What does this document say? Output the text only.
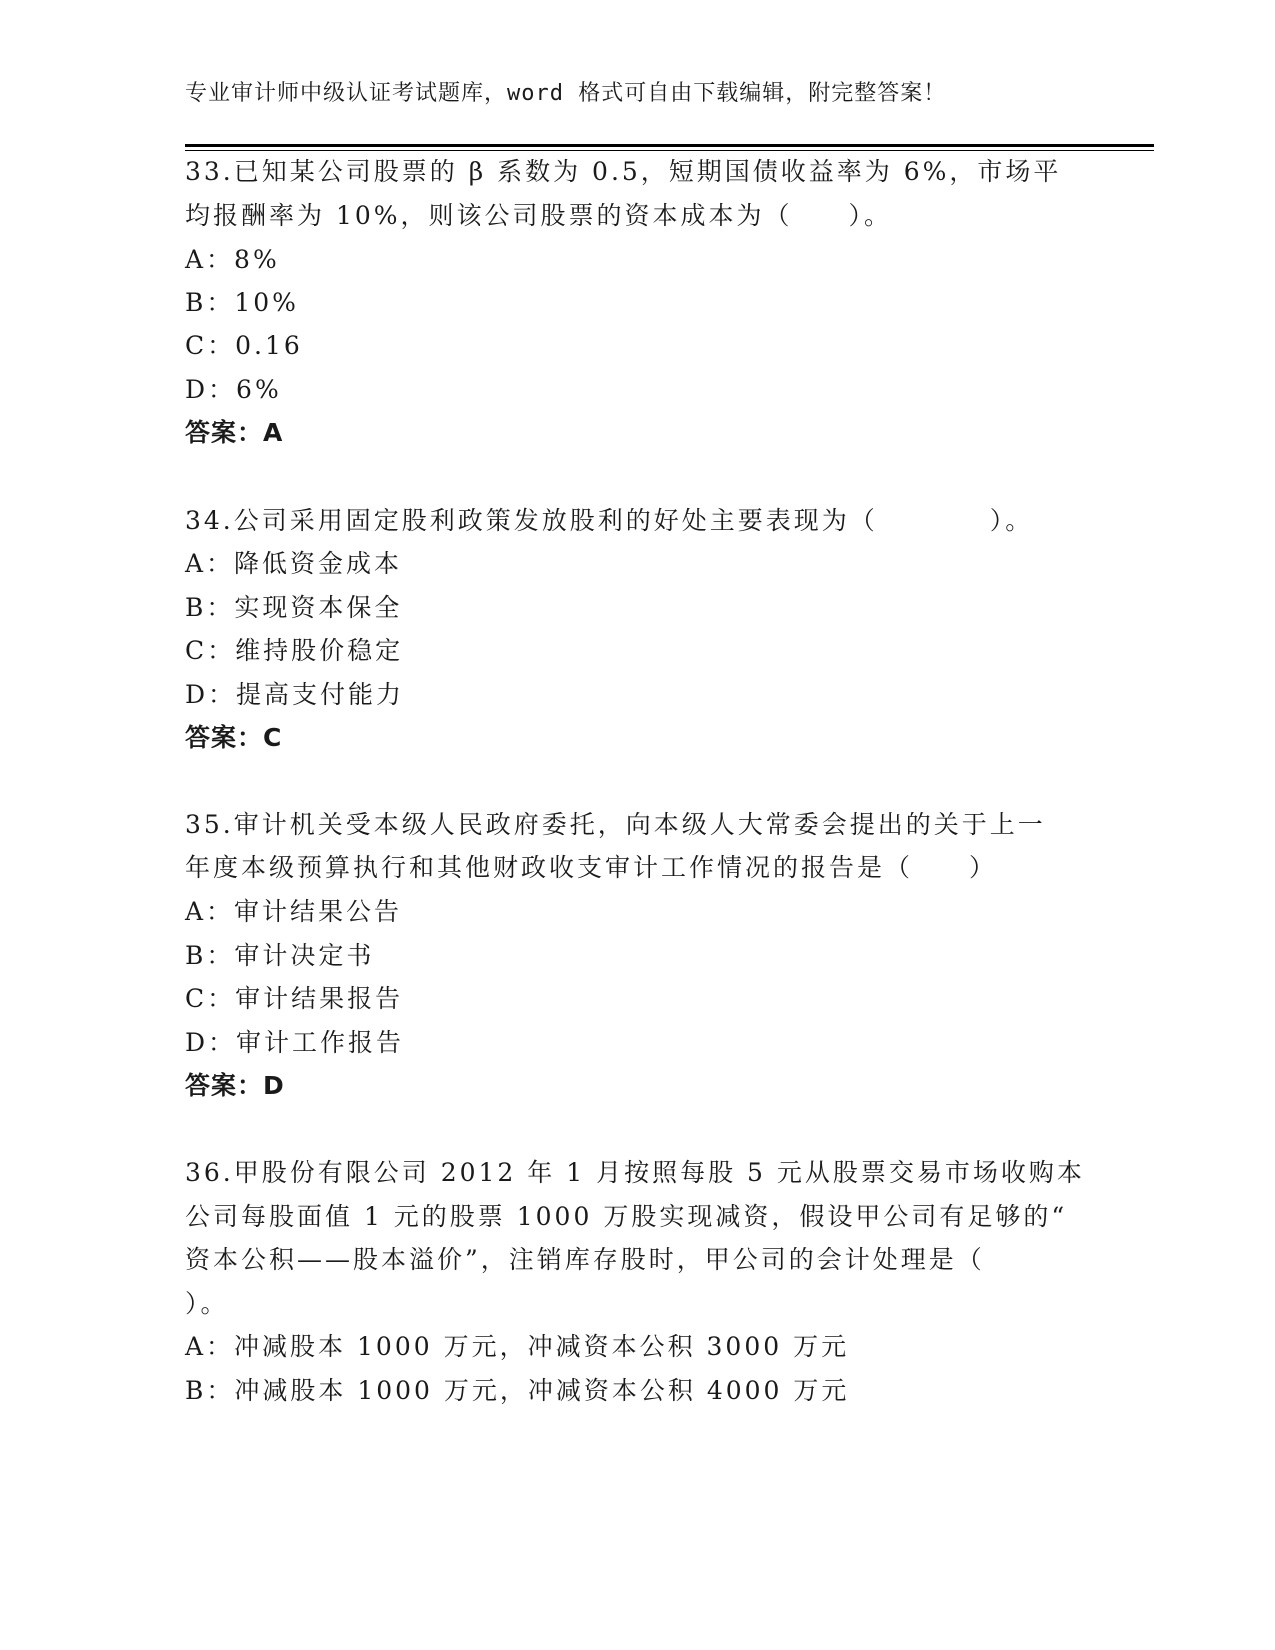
专业审计师中级认证考试题库，word 格式可自由下载编辑，附完整答案！
33.已知某公司股票的 β 系数为 0.5，短期国债收益率为 6%，市场平
均报酬率为 10%，则该公司股票的资本成本为（　　）。
A：8%
B：10%
C：0.16
D：6%
答案：A
34.公司采用固定股利政策发放股利的好处主要表现为（　　　　）。
A：降低资金成本
B：实现资本保全
C：维持股价稳定
D：提高支付能力
答案：C
35.审计机关受本级人民政府委托，向本级人大常委会提出的关于上一
年度本级预算执行和其他财政收支审计工作情况的报告是（　　）
A：审计结果公告
B：审计决定书
C：审计结果报告
D：审计工作报告
答案：D
36.甲股份有限公司 2012 年 1 月按照每股 5 元从股票交易市场收购本
公司每股面值 1 元的股票 1000 万股实现减资，假设甲公司有足够的“
资本公积——股本溢价”，注销库存股时，甲公司的会计处理是（
）。
A：冲减股本 1000 万元，冲减资本公积 3000 万元
B：冲减股本 1000 万元，冲减资本公积 4000 万元
